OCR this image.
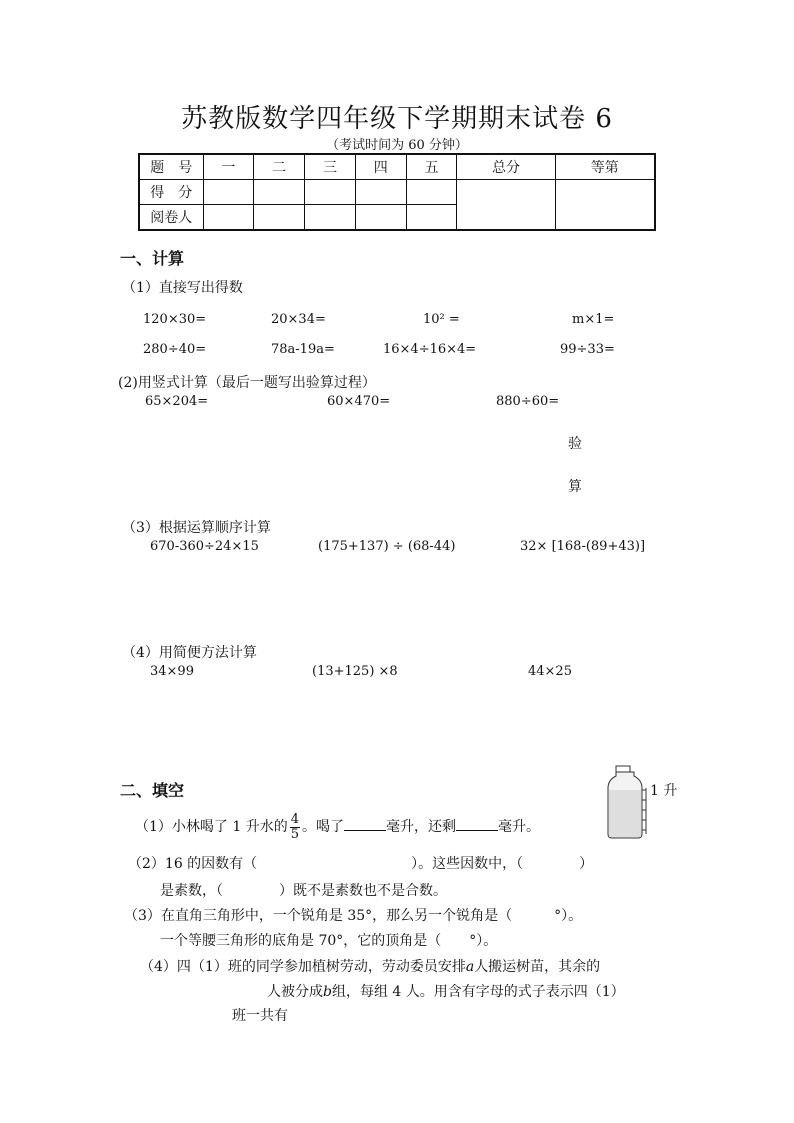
苏教版数学四年级下学期期末试卷 6
（考试时间为 60 分钟）
题　号	一	二	三	四	五	总分	等第
得　分							
阅卷人							
一、计算
（1）直接写出得数
120×30=	20×34=	10² =	m×1=
280÷40=	78a-19a=	16×4÷16×4=	99÷33=
(2)用竖式计算（最后一题写出验算过程）
65×204=	60×470=	880÷60=
验
算
（3）根据运算顺序计算
670-360÷24×15	(175+137) ÷ (68-44)	32× [168-(89+43)]
（4）用简便方法计算
34×99	(13+125) ×8	44×25
二、填空	1 升
（1）小林喝了 1 升水的 $\frac{4}{5}$ 。喝了	毫升，还剩	毫升。
（2）16 的因数有（　　　　　　　　　　　）。这些因数中，（　　　　）
是素数，（　　　　）既不是素数也不是合数。
（3）在直角三角形中，一个锐角是 35°，那么另一个锐角是（　　　°）。
一个等腰三角形的底角是 70°，它的顶角是（　　°）。
（4）四（1）班的同学参加植树劳动，劳动委员安排a人搬运树苗，其余的
人被分成b组，每组 4 人。用含有字母的式子表示四（1）
班一共有
